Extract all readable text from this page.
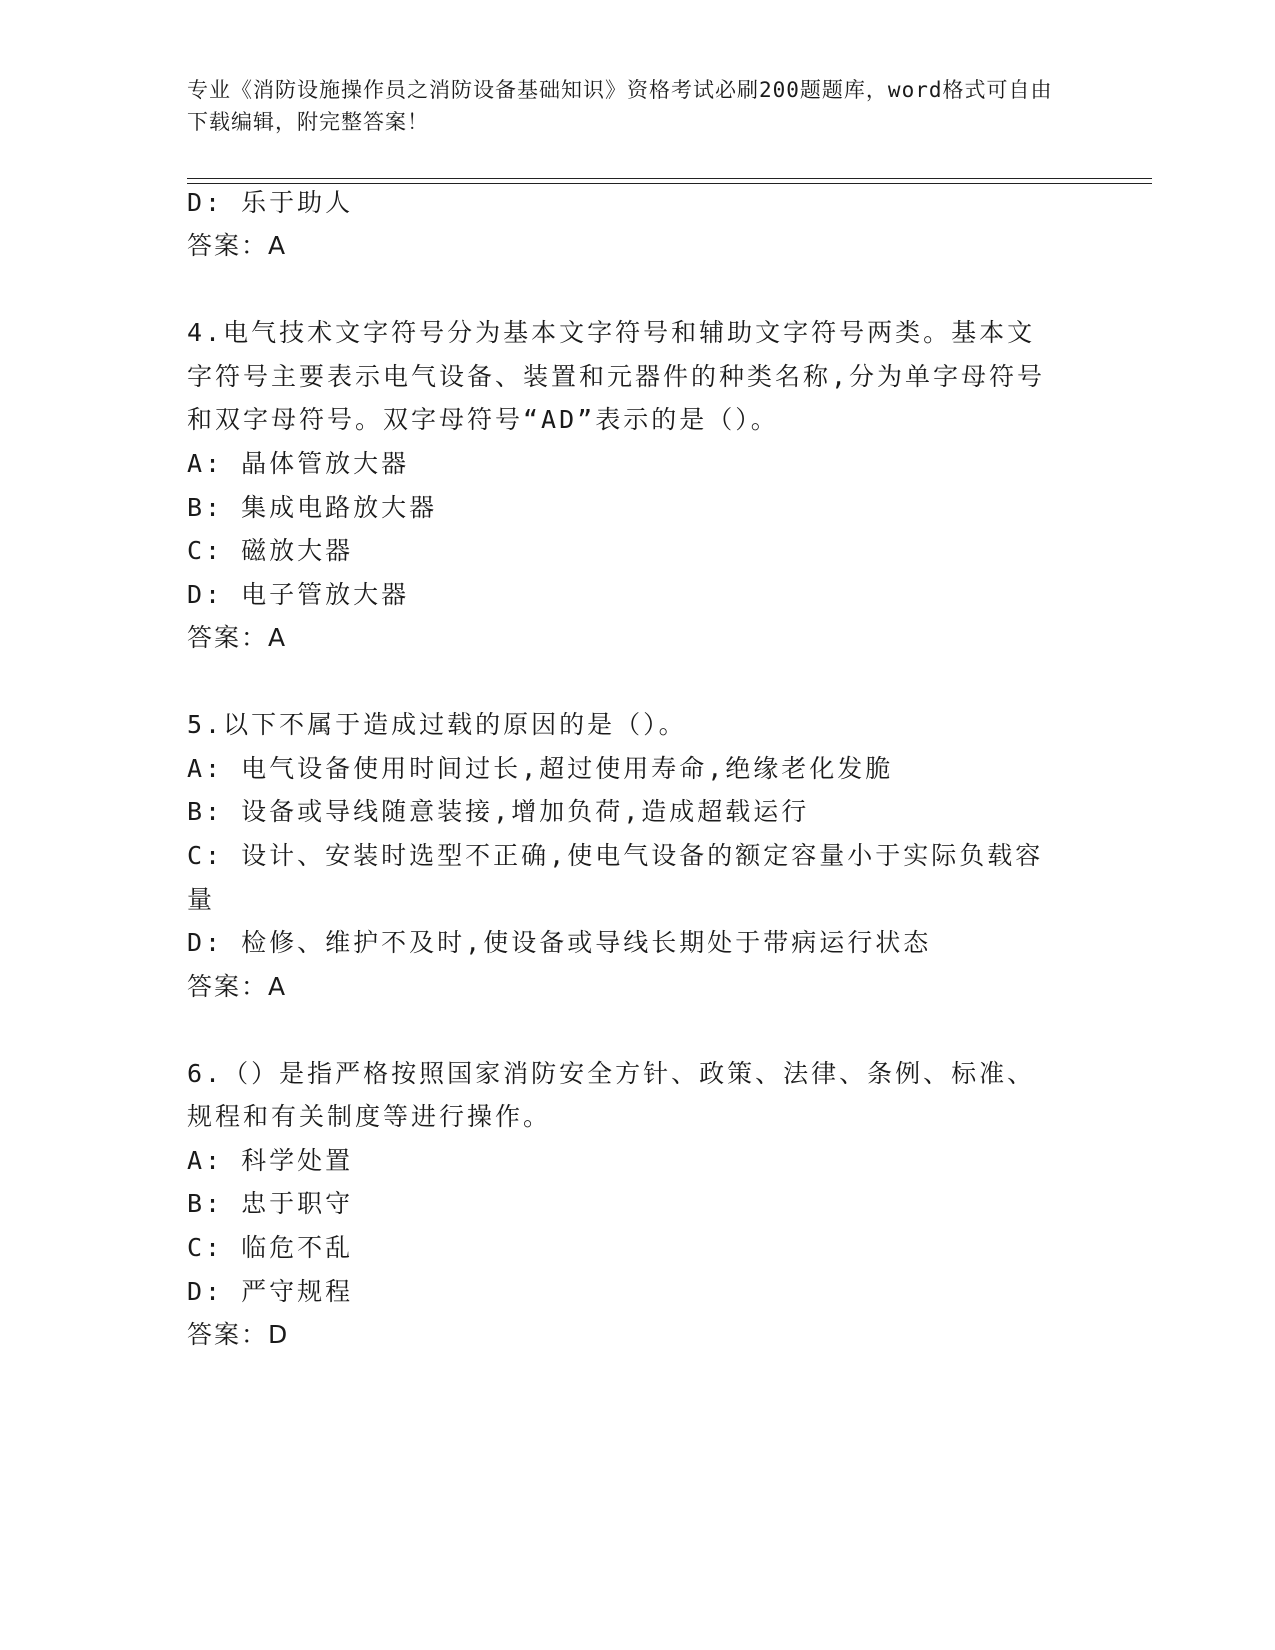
专业《消防设施操作员之消防设备基础知识》资格考试必刷200题题库，word格式可自由下载编辑，附完整答案！
D: 乐于助人
答案：A
4.电气技术文字符号分为基本文字符号和辅助文字符号两类。基本文
字符号主要表示电气设备、装置和元器件的种类名称,分为单字母符号
和双字母符号。双字母符号“AD”表示的是（）。
A: 晶体管放大器
B: 集成电路放大器
C: 磁放大器
D: 电子管放大器
答案：A
5.以下不属于造成过载的原因的是（）。
A: 电气设备使用时间过长,超过使用寿命,绝缘老化发脆
B: 设备或导线随意装接,增加负荷,造成超载运行
C: 设计、安装时选型不正确,使电气设备的额定容量小于实际负载容
量
D: 检修、维护不及时,使设备或导线长期处于带病运行状态
答案：A
6.（）是指严格按照国家消防安全方针、政策、法律、条例、标准、
规程和有关制度等进行操作。
A: 科学处置
B: 忠于职守
C: 临危不乱
D: 严守规程
答案：D
